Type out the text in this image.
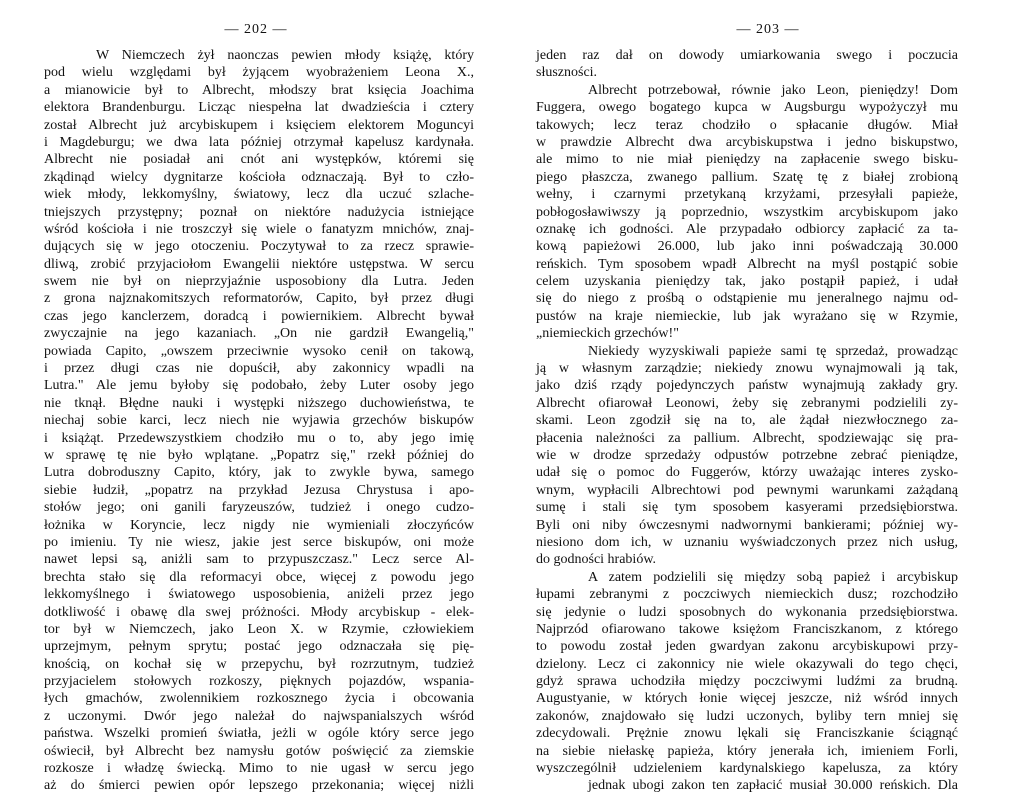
— 202 —
W Niemczech żył naonczas pewien młody książę, który
pod wielu względami był żyjącem wyobrażeniem Leona X.,
a mianowicie był to Albrecht, młodszy brat księcia Joachima
elektora Brandenburgu. Licząc niespełna lat dwadzieścia i cztery
został Albrecht już arcybiskupem i księciem elektorem Moguncyi
i Magdeburgu; we dwa lata później otrzymał kapelusz kardynała.
Albrecht nie posiadał ani cnót ani występków, któremi się
zkądinąd wielcy dygnitarze kościoła odznaczają. Był to czło-
wiek młody, lekkomyślny, światowy, lecz dla uczuć szlache-
tniejszych przystępny; poznał on niektóre nadużycia istniejące
wśród kościoła i nie troszczył się wiele o fanatyzm mnichów, znaj-
dujących się w jego otoczeniu. Poczytywał to za rzecz sprawie-
dliwą, zrobić przyjaciołom Ewangelii niektóre ustępstwa. W sercu
swem nie był on nieprzyjaźnie usposobiony dla Lutra. Jeden
z grona najznakomitszych reformatorów, Capito, był przez długi
czas jego kanclerzem, doradcą i powiernikiem. Albrecht bywał
zwyczajnie na jego kazaniach. „On nie gardził Ewangelią,"
powiada Capito, „owszem przeciwnie wysoko cenił on takową,
i przez długi czas nie dopuścił, aby zakonnicy wpadli na
Lutra." Ale jemu byłoby się podobało, żeby Luter osoby jego
nie tknął. Błędne nauki i występki niższego duchowieństwa, te
niechaj sobie karci, lecz niech nie wyjawia grzechów biskupów
i książąt. Przedewszystkiem chodziło mu o to, aby jego imię
w sprawę tę nie było wplątane. „Popatrz się," rzekł później do
Lutra dobroduszny Capito, który, jak to zwykle bywa, samego
siebie łudził, „popatrz na przykład Jezusa Chrystusa i apo-
stołów jego; oni ganili faryzeuszów, tudzież i onego cudzo-
łożnika w Koryncie, lecz nigdy nie wymieniali złoczyńców
po imieniu. Ty nie wiesz, jakie jest serce biskupów, oni może
nawet lepsi są, aniżli sam to przypuszczasz." Lecz serce Al-
brechta stało się dla reformacyi obce, więcej z powodu jego
lekkomyślnego i światowego usposobienia, aniżeli przez jego
dotkliwość i obawę dla swej próżności. Młody arcybiskup - elek-
tor był w Niemczech, jako Leon X. w Rzymie, człowiekiem
uprzejmym, pełnym sprytu; postać jego odznaczała się pię-
knością, on kochał się w przepychu, był rozrzutnym, tudzież
przyjacielem stołowych rozkoszy, pięknych pojazdów, wspania-
łych gmachów, zwolennikiem rozkosznego życia i obcowania
z uczonymi. Dwór jego należał do najwspanialszych wśród
państwa. Wszelki promień światła, jeżli w ogóle który serce jego
oświecił, był Albrecht bez namysłu gotów poświęcić za ziemskie
rozkosze i władzę świecką. Mimo to nie ugasł w sercu jego
aż do śmierci pewien opór lepszego przekonania; więcej niżli
— 203 —
jeden raz dał on dowody umiarkowania swego i poczucia
słuszności.
Albrecht potrzebował, równie jako Leon, pieniędzy! Dom
Fuggera, owego bogatego kupca w Augsburgu wypożyczył mu
takowych; lecz teraz chodziło o spłacanie długów. Miał
w prawdzie Albrecht dwa arcybiskupstwa i jedno biskupstwo,
ale mimo to nie miał pieniędzy na zapłacenie swego bisku-
piego płaszcza, zwanego pallium. Szatę tę z białej zrobioną
wełny, i czarnymi przetykaną krzyżami, przesyłali papieże,
pobłogosławiwszy ją poprzednio, wszystkim arcybiskupom jako
oznakę ich godności. Ale przypadało odbiorcy zapłacić za ta-
kową papieżowi 26.000, lub jako inni pośwadczają 30.000
reńskich. Tym sposobem wpadł Albrecht na myśl postąpić sobie
celem uzyskania pieniędzy tak, jako postąpił papież, i udał
się do niego z prośbą o odstąpienie mu jeneralnego najmu od-
pustów na kraje niemieckie, lub jak wyrażano się w Rzymie,
„niemieckich grzechów!"
Niekiedy wyzyskiwali papieże sami tę sprzedaż, prowadząc
ją w własnym zarządzie; niekiedy znowu wynajmowali ją tak,
jako dziś rządy pojedynczych państw wynajmują zakłady gry.
Albrecht ofiarował Leonowi, żeby się zebranymi podzielili zy-
skami. Leon zgodził się na to, ale żądał niezwłocznego za-
płacenia należności za pallium. Albrecht, spodziewając się pra-
wie w drodze sprzedaży odpustów potrzebne zebrać pieniądze,
udał się o pomoc do Fuggerów, którzy uważając interes zysko-
wnym, wypłacili Albrechtowi pod pewnymi warunkami zażądaną
sumę i stali się tym sposobem kasyerami przedsiębiorstwa.
Byli oni niby ówczesnymi nadwornymi bankierami; później wy-
niesiono dom ich, w uznaniu wyświadczonych przez nich usług,
do godności hrabiów.
A zatem podzielili się między sobą papież i arcybiskup
łupami zebranymi z poczciwych niemieckich dusz; rozchodziło
się jedynie o ludzi sposobnych do wykonania przedsiębiorstwa.
Najprzód ofiarowano takowe księżom Franciszkanom, z którego
to powodu został jeden gwardyan zakonu arcybiskupowi przy-
dzielony. Lecz ci zakonnicy nie wiele okazywali do tego chęci,
gdyż sprawa uchodziła między poczciwymi ludźmi za brudną.
Augustyanie, w których łonie więcej jeszcze, niż wśród innych
zakonów, znajdowało się ludzi uczonych, byliby tern mniej się
zdecydowali. Prężnie znowu lękali się Franciszkanie ściągnąć
na siebie niełaskę papieża, który jenerała ich, imieniem Forli,
wyszczególnił udzieleniem kardynalskiego kapelusza, za który
jednak ubogi zakon ten zapłacić musiał 30.000 reńskich. Dla
